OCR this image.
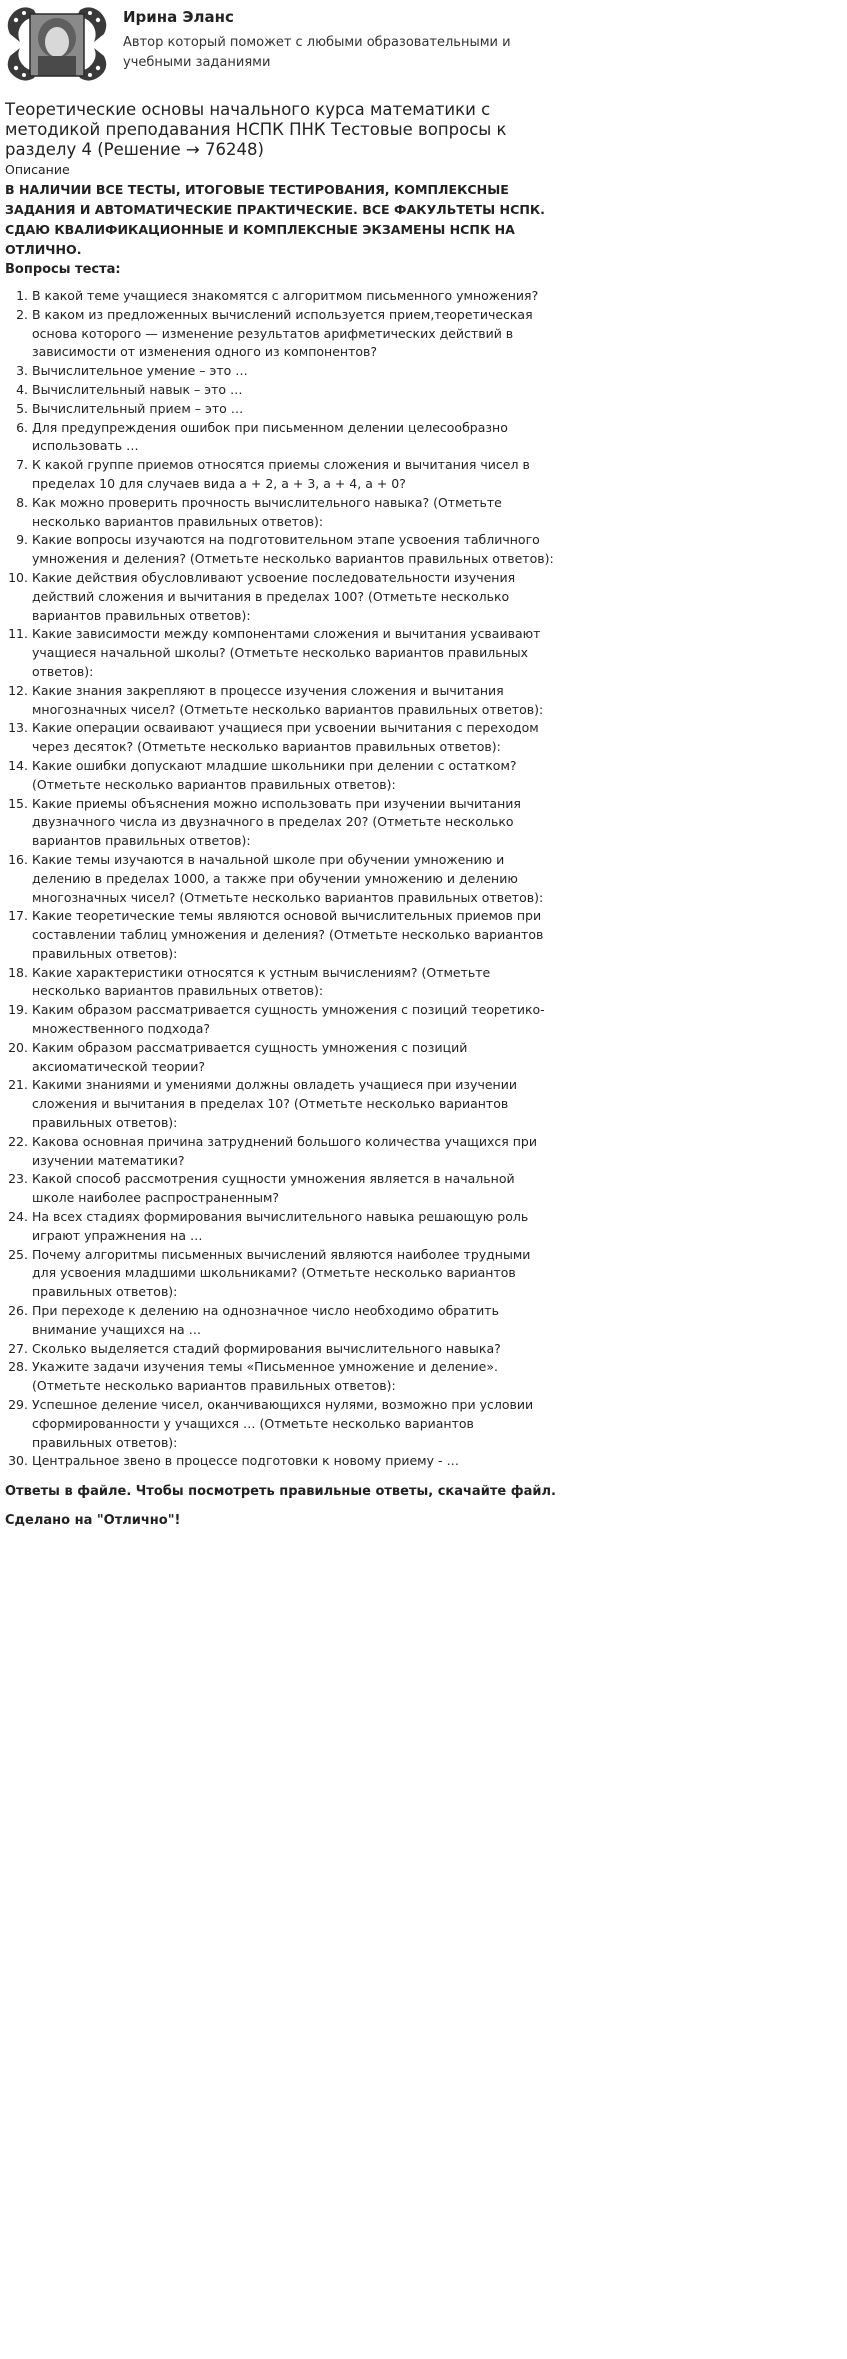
Ирина Эланс
Автор который поможет с любыми образовательными и учебными заданиями
Теоретические основы начального курса математики с методикой преподавания НСПК ПНК Тестовые вопросы к разделу 4 (Решение → 76248)
Описание

В НАЛИЧИИ ВСЕ ТЕСТЫ, ИТОГОВЫЕ ТЕСТИРОВАНИЯ, КОМПЛЕКСНЫЕ ЗАДАНИЯ И АВТОМАТИЧЕСКИЕ ПРАКТИЧЕСКИЕ. ВСЕ ФАКУЛЬТЕТЫ НСПК. СДАЮ КВАЛИФИКАЦИОННЫЕ И КОМПЛЕКСНЫЕ ЭКЗАМЕНЫ НСПК НА ОТЛИЧНО.

Вопросы теста:
1. В какой теме учащиеся знакомятся с алгоритмом письменного умножения?
2. В каком из предложенных вычислений используется прием,теоретическая основа которого — изменение результатов арифметических действий в зависимости от изменения одного из компонентов?
3. Вычислительное умение – это …
4. Вычислительный навык – это …
5. Вычислительный прием – это …
6. Для предупреждения ошибок при письменном делении целесообразно использовать …
7. К какой группе приемов относятся приемы сложения и вычитания чисел в пределах 10 для случаев вида а + 2, а + 3, а + 4, а + 0?
8. Как можно проверить прочность вычислительного навыка? (Отметьте несколько вариантов правильных ответов):
9. Какие вопросы изучаются на подготовительном этапе усвоения табличного умножения и деления? (Отметьте несколько вариантов правильных ответов):
10. Какие действия обусловливают усвоение последовательности изучения действий сложения и вычитания в пределах 100? (Отметьте несколько вариантов правильных ответов):
11. Какие зависимости между компонентами сложения и вычитания усваивают учащиеся начальной школы? (Отметьте несколько вариантов правильных ответов):
12. Какие знания закрепляют в процессе изучения сложения и вычитания многозначных чисел? (Отметьте несколько вариантов правильных ответов):
13. Какие операции осваивают учащиеся при усвоении вычитания с переходом через десяток? (Отметьте несколько вариантов правильных ответов):
14. Какие ошибки допускают младшие школьники при делении с остатком? (Отметьте несколько вариантов правильных ответов):
15. Какие приемы объяснения можно использовать при изучении вычитания двузначного числа из двузначного в пределах 20? (Отметьте несколько вариантов правильных ответов):
16. Какие темы изучаются в начальной школе при обучении умножению и делению в пределах 1000, а также при обучении умножению и делению многозначных чисел? (Отметьте несколько вариантов правильных ответов):
17. Какие теоретические темы являются основой вычислительных приемов при составлении таблиц умножения и деления? (Отметьте несколько вариантов правильных ответов):
18. Какие характеристики относятся к устным вычислениям? (Отметьте несколько вариантов правильных ответов):
19. Каким образом рассматривается сущность умножения с позиций теоретико-множественного подхода?
20. Каким образом рассматривается сущность умножения с позиций аксиоматической теории?
21. Какими знаниями и умениями должны овладеть учащиеся при изучении сложения и вычитания в пределах 10? (Отметьте несколько вариантов правильных ответов):
22. Какова основная причина затруднений большого количества учащихся при изучении математики?
23. Какой способ рассмотрения сущности умножения является в начальной школе наиболее распространенным?
24. На всех стадиях формирования вычислительного навыка решающую роль играют упражнения на …
25. Почему алгоритмы письменных вычислений являются наиболее трудными для усвоения младшими школьниками? (Отметьте несколько вариантов правильных ответов):
26. При переходе к делению на однозначное число необходимо обратить внимание учащихся на …
27. Сколько выделяется стадий формирования вычислительного навыка?
28. Укажите задачи изучения темы «Письменное умножение и деление». (Отметьте несколько вариантов правильных ответов):
29. Успешное деление чисел, оканчивающихся нулями, возможно при условии сформированности у учащихся … (Отметьте несколько вариантов правильных ответов):
30. Центральное звено в процессе подготовки к новому приему - …
Ответы в файле. Чтобы посмотреть правильные ответы, скачайте файл.
Сделано на "Отлично"!
